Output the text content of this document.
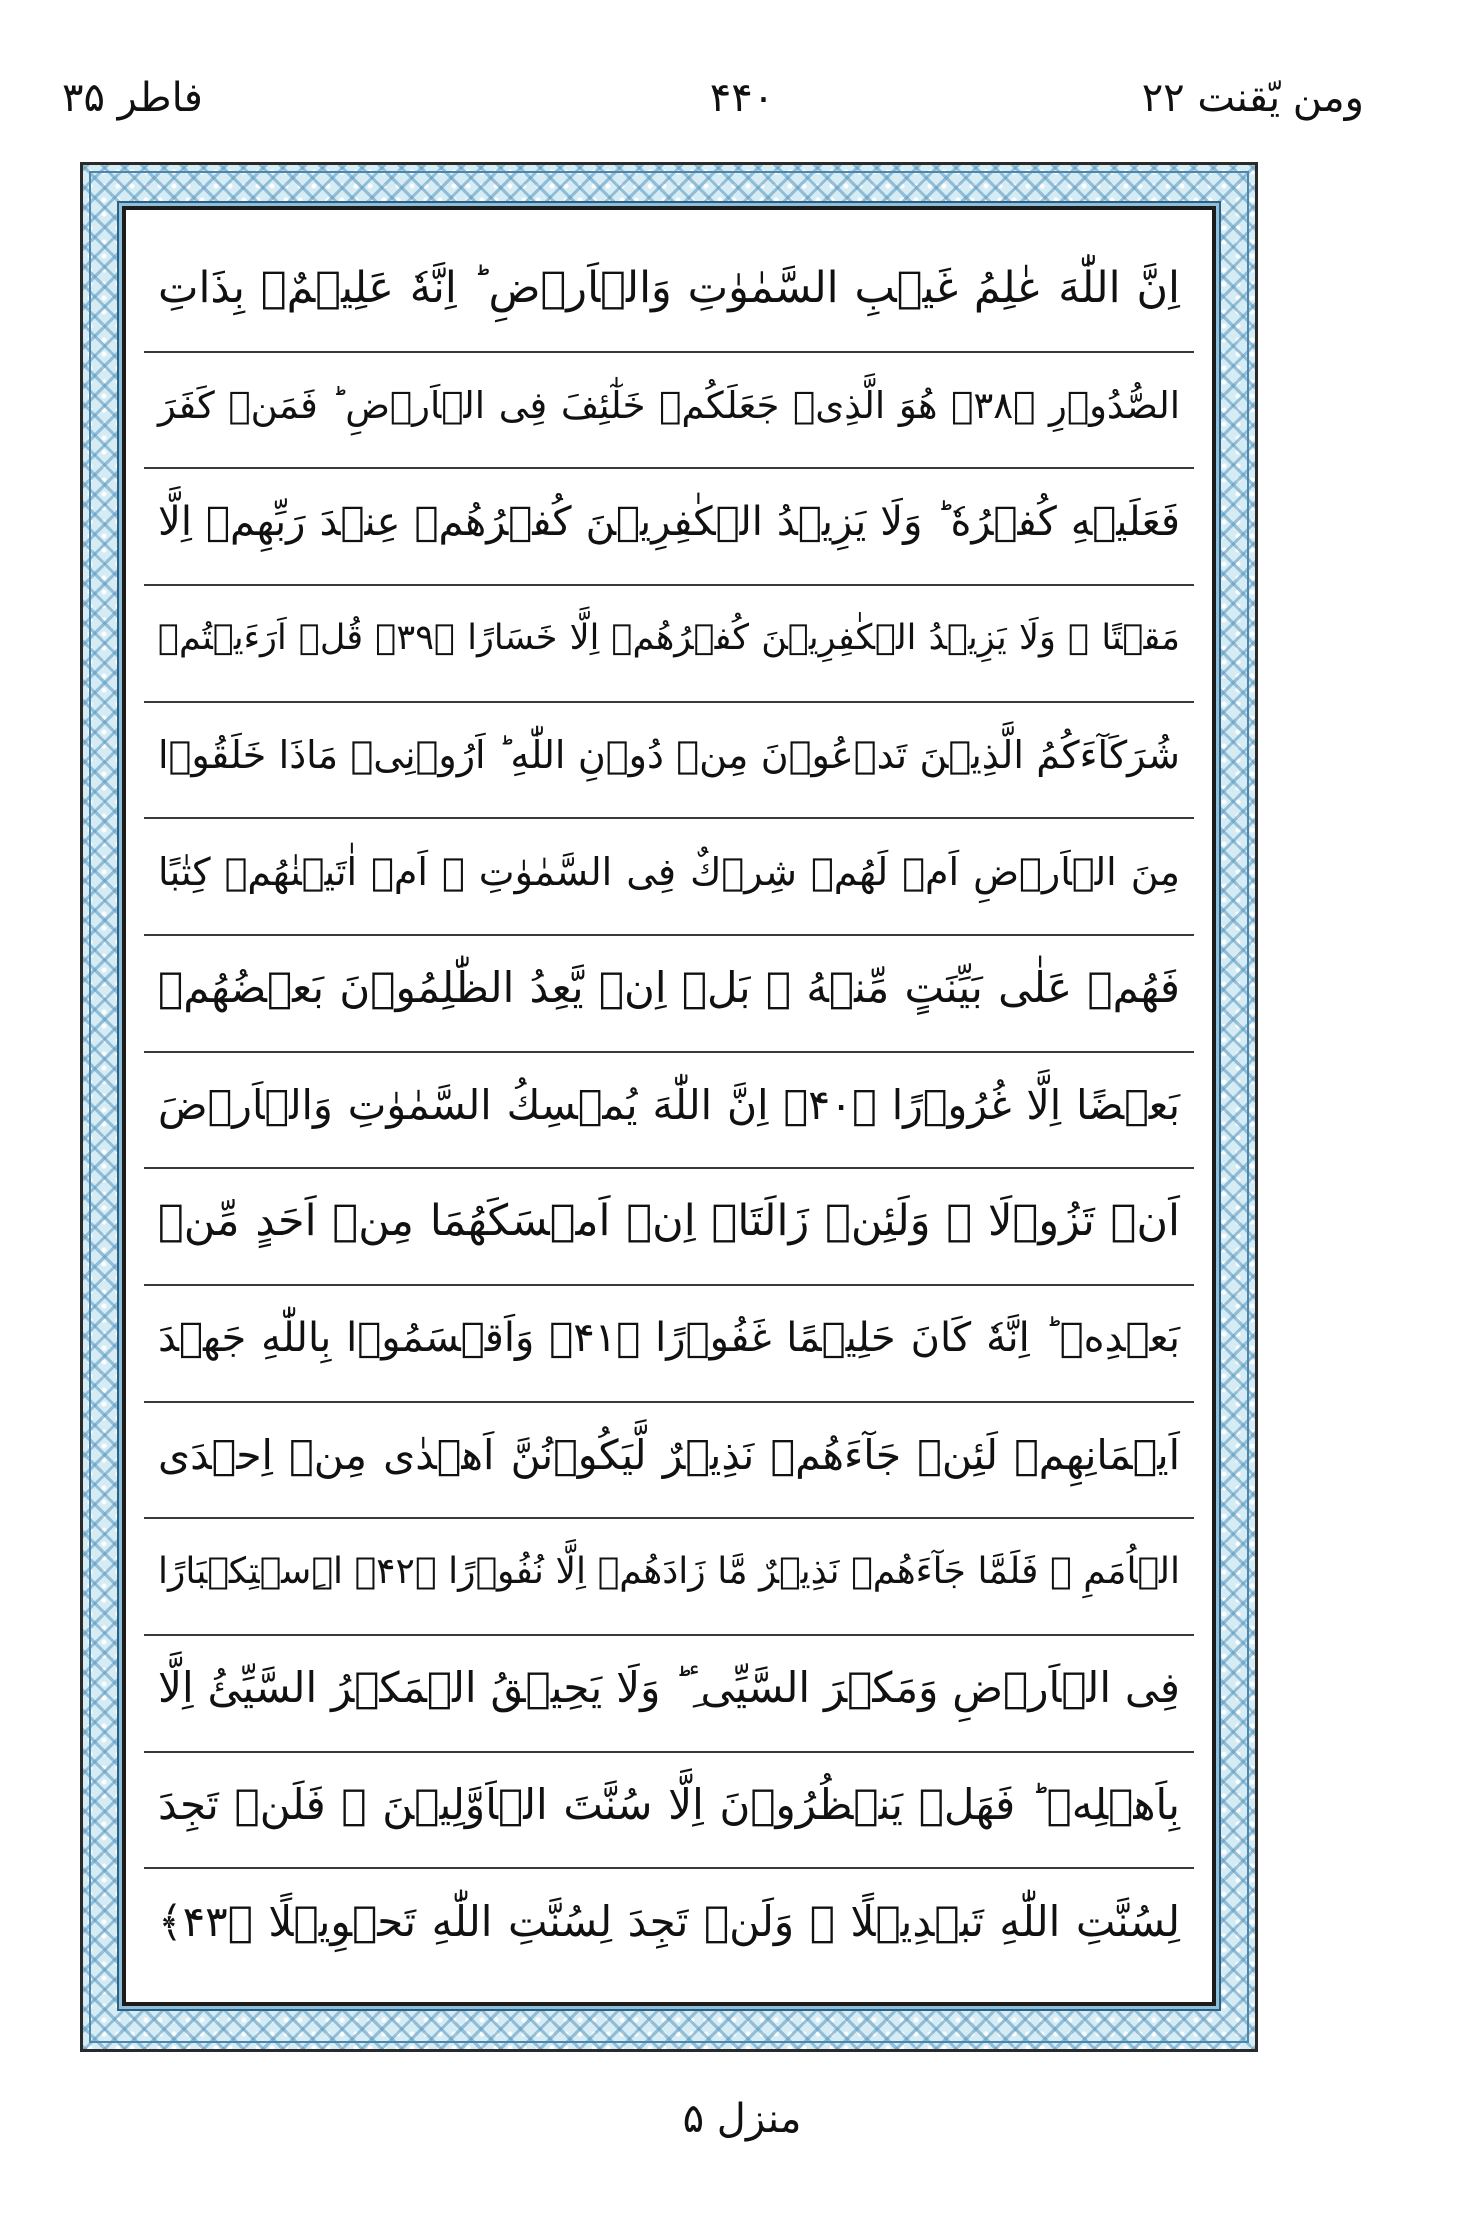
ومن یّقنت ۲۲
۴۴۰
فاطر ۳۵
اِنَّ اللّٰهَ عٰلِمُ غَیۡبِ السَّمٰوٰتِ وَالۡاَرۡضِ ؕ اِنَّهٗ عَلِیۡمٌۢ بِذَاتِ
الصُّدُوۡرِ ﴿۳۸﴾ هُوَ الَّذِیۡ جَعَلَكُمۡ خَلٰٓئِفَ فِی الۡاَرۡضِ ؕ فَمَنۡ كَفَرَ
فَعَلَیۡهِ كُفۡرُهٗ ؕ وَلَا یَزِیۡدُ الۡكٰفِرِیۡنَ كُفۡرُهُمۡ عِنۡدَ رَبِّهِمۡ اِلَّا
مَقۡتًا ۚ وَلَا یَزِیۡدُ الۡكٰفِرِیۡنَ كُفۡرُهُمۡ اِلَّا خَسَارًا ﴿۳۹﴾ قُلۡ اَرَءَیۡتُمۡ
شُرَكَآءَكُمُ الَّذِیۡنَ تَدۡعُوۡنَ مِنۡ دُوۡنِ اللّٰهِ ؕ اَرُوۡنِیۡ مَاذَا خَلَقُوۡا
مِنَ الۡاَرۡضِ اَمۡ لَهُمۡ شِرۡكٌ فِی السَّمٰوٰتِ ۚ اَمۡ اٰتَیۡنٰهُمۡ كِتٰبًا
فَهُمۡ عَلٰی بَیِّنَتٍ مِّنۡهُ ۚ بَلۡ اِنۡ یَّعِدُ الظّٰلِمُوۡنَ بَعۡضُهُمۡ
بَعۡضًا اِلَّا غُرُوۡرًا ﴿۴۰﴾ اِنَّ اللّٰهَ یُمۡسِكُ السَّمٰوٰتِ وَالۡاَرۡضَ
اَنۡ تَزُوۡلَا ۚ وَلَئِنۡ زَالَتَاۤ اِنۡ اَمۡسَكَهُمَا مِنۡ اَحَدٍ مِّنۡ
بَعۡدِهٖ ؕ اِنَّهٗ كَانَ حَلِیۡمًا غَفُوۡرًا ﴿۴۱﴾ وَاَقۡسَمُوۡا بِاللّٰهِ جَهۡدَ
اَیۡمَانِهِمۡ لَئِنۡ جَآءَهُمۡ نَذِیۡرٌ لَّیَكُوۡنُنَّ اَهۡدٰی مِنۡ اِحۡدَی
الۡاُمَمِ ۚ فَلَمَّا جَآءَهُمۡ نَذِیۡرٌ مَّا زَادَهُمۡ اِلَّا نُفُوۡرًا ﴿۴۲﴾ اِۨسۡتِكۡبَارًا
فِی الۡاَرۡضِ وَمَكۡرَ السَّیِّیٴِ ؕ وَلَا یَحِیۡقُ الۡمَكۡرُ السَّیِّئُ اِلَّا
بِاَهۡلِهٖ ؕ فَهَلۡ یَنۡظُرُوۡنَ اِلَّا سُنَّتَ الۡاَوَّلِیۡنَ ۚ فَلَنۡ تَجِدَ
لِسُنَّتِ اللّٰهِ تَبۡدِیۡلًا ۚ وَلَنۡ تَجِدَ لِسُنَّتِ اللّٰهِ تَحۡوِیۡلًا ﴿۴۳﴾
منزل ۵
